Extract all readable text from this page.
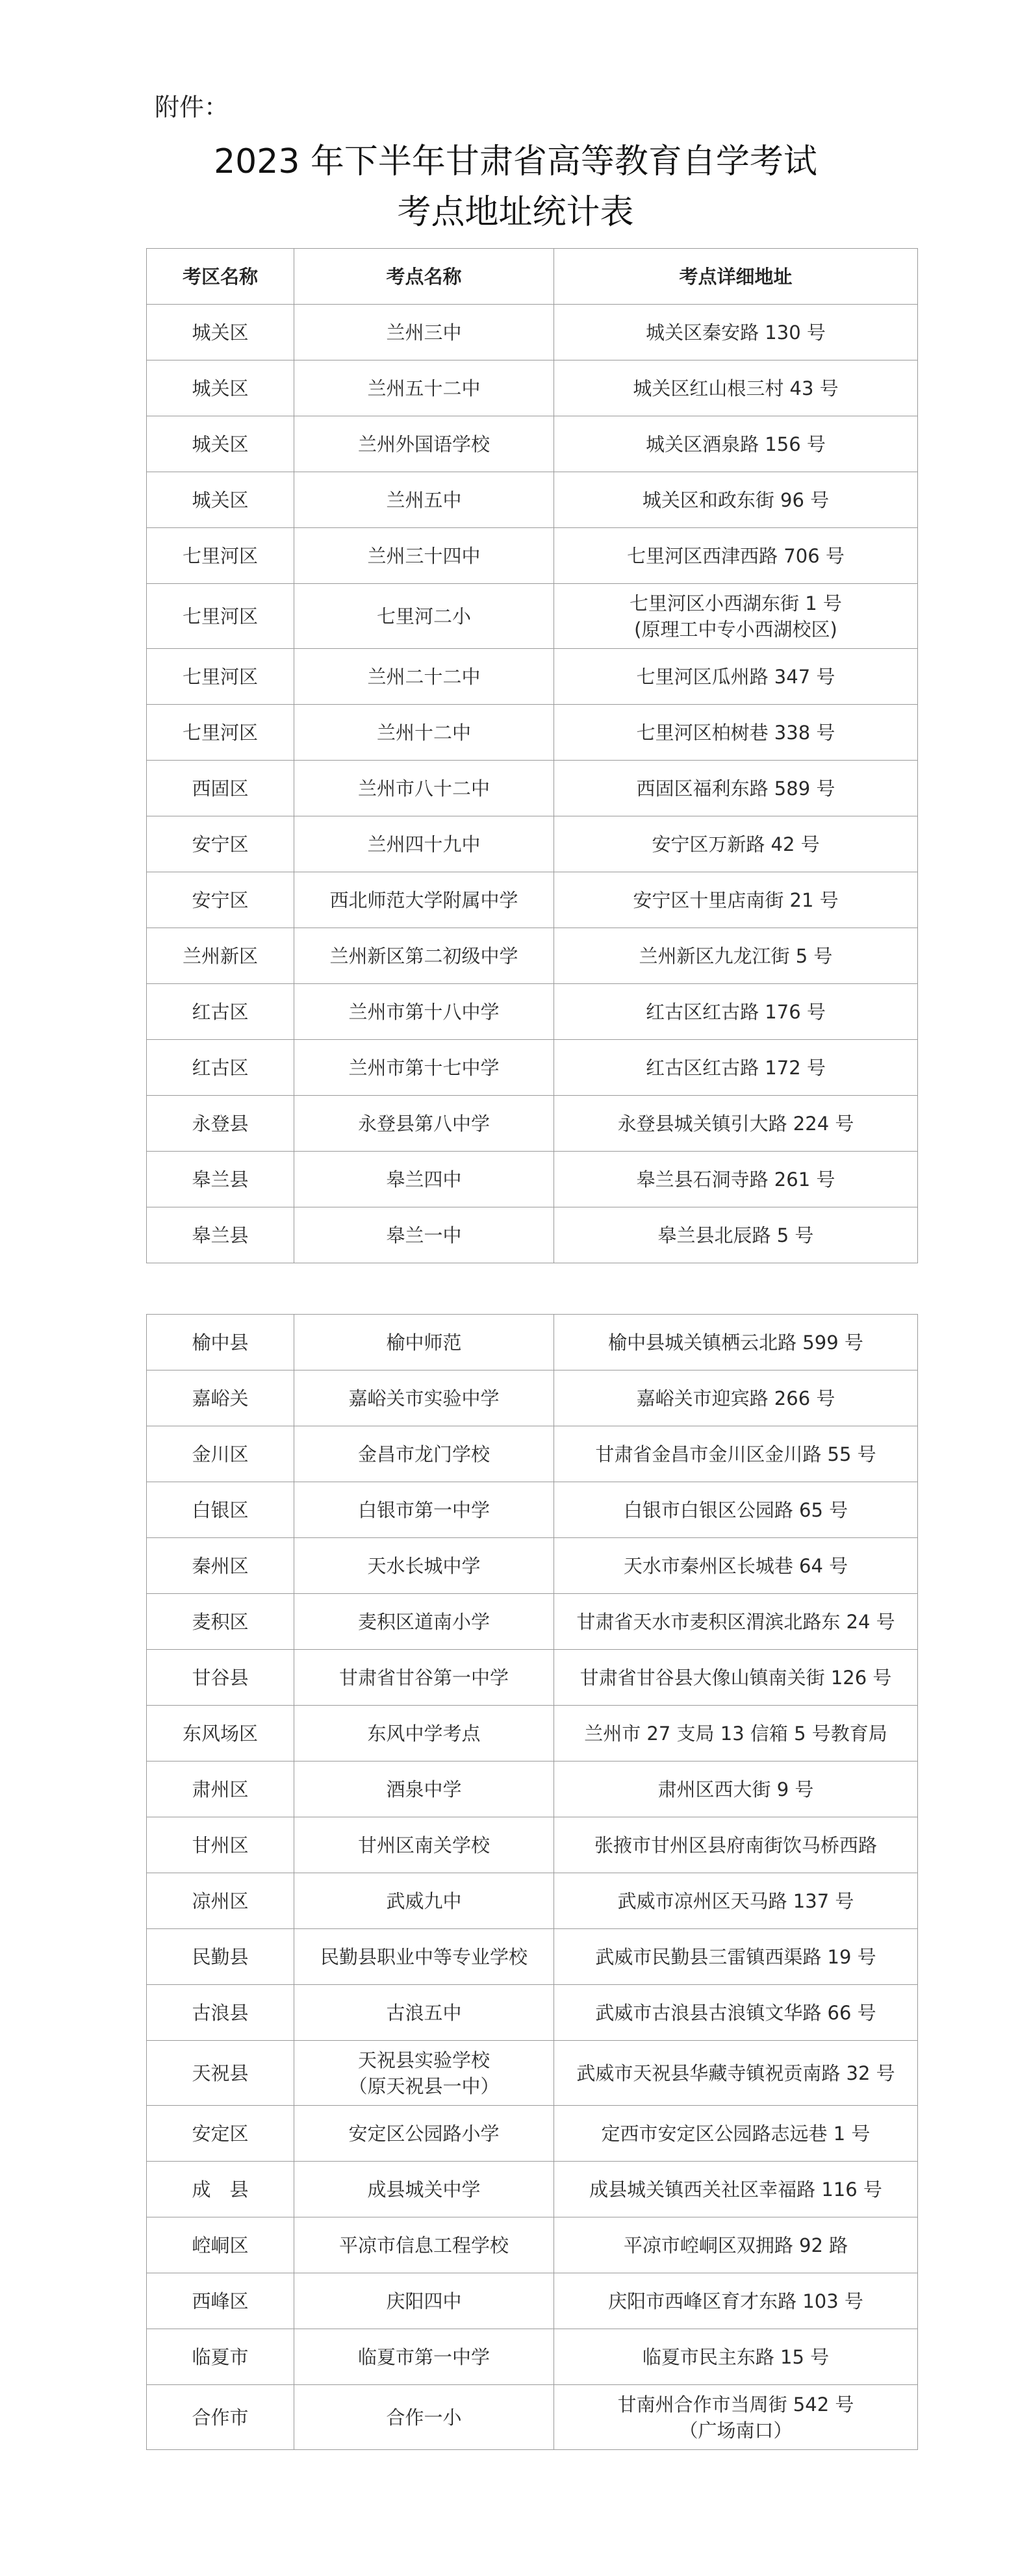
附件：
2023 年下半年甘肃省高等教育自学考试
考点地址统计表
考区名称	考点名称	考点详细地址
城关区	兰州三中	城关区秦安路 130 号

城关区	兰州五十二中	城关区红山根三村 43 号

城关区	兰州外国语学校	城关区酒泉路 156 号

城关区	兰州五中	城关区和政东街 96 号

七里河区	兰州三十四中	七里河区西津西路 706 号

七里河区	七里河二小	七里河区小西湖东街 1 号
(原理工中专小西湖校区)

七里河区	兰州二十二中	七里河区瓜州路 347 号

七里河区	兰州十二中	七里河区柏树巷 338 号

西固区	兰州市八十二中	西固区福利东路 589 号

安宁区	兰州四十九中	安宁区万新路 42 号

安宁区	西北师范大学附属中学	安宁区十里店南街 21 号

兰州新区	兰州新区第二初级中学	兰州新区九龙江街 5 号

红古区	兰州市第十八中学	红古区红古路 176 号

红古区	兰州市第十七中学	红古区红古路 172 号

永登县	永登县第八中学	永登县城关镇引大路 224 号

皋兰县	皋兰四中	皋兰县石洞寺路 261 号

皋兰县	皋兰一中	皋兰县北辰路 5 号
榆中县	榆中师范	榆中县城关镇栖云北路 599 号

嘉峪关	嘉峪关市实验中学	嘉峪关市迎宾路 266 号

金川区	金昌市龙门学校	甘肃省金昌市金川区金川路 55 号

白银区	白银市第一中学	白银市白银区公园路 65 号

秦州区	天水长城中学	天水市秦州区长城巷 64 号

麦积区	麦积区道南小学	甘肃省天水市麦积区渭滨北路东 24 号

甘谷县	甘肃省甘谷第一中学	甘肃省甘谷县大像山镇南关街 126 号

东风场区	东风中学考点	兰州市 27 支局 13 信箱 5 号教育局

肃州区	酒泉中学	肃州区西大街 9 号

甘州区	甘州区南关学校	张掖市甘州区县府南街饮马桥西路

凉州区	武威九中	武威市凉州区天马路 137 号

民勤县	民勤县职业中等专业学校	武威市民勤县三雷镇西渠路 19 号

古浪县	古浪五中	武威市古浪县古浪镇文华路 66 号

天祝县	天祝县实验学校
（原天祝县一中）	武威市天祝县华藏寺镇祝贡南路 32 号

安定区	安定区公园路小学	定西市安定区公园路志远巷 1 号

成　县	成县城关中学	成县城关镇西关社区幸福路 116 号

崆峒区	平凉市信息工程学校	平凉市崆峒区双拥路 92 路

西峰区	庆阳四中	庆阳市西峰区育才东路 103 号

临夏市	临夏市第一中学	临夏市民主东路 15 号

合作市	合作一小	甘南州合作市当周街 542 号
（广场南口）
